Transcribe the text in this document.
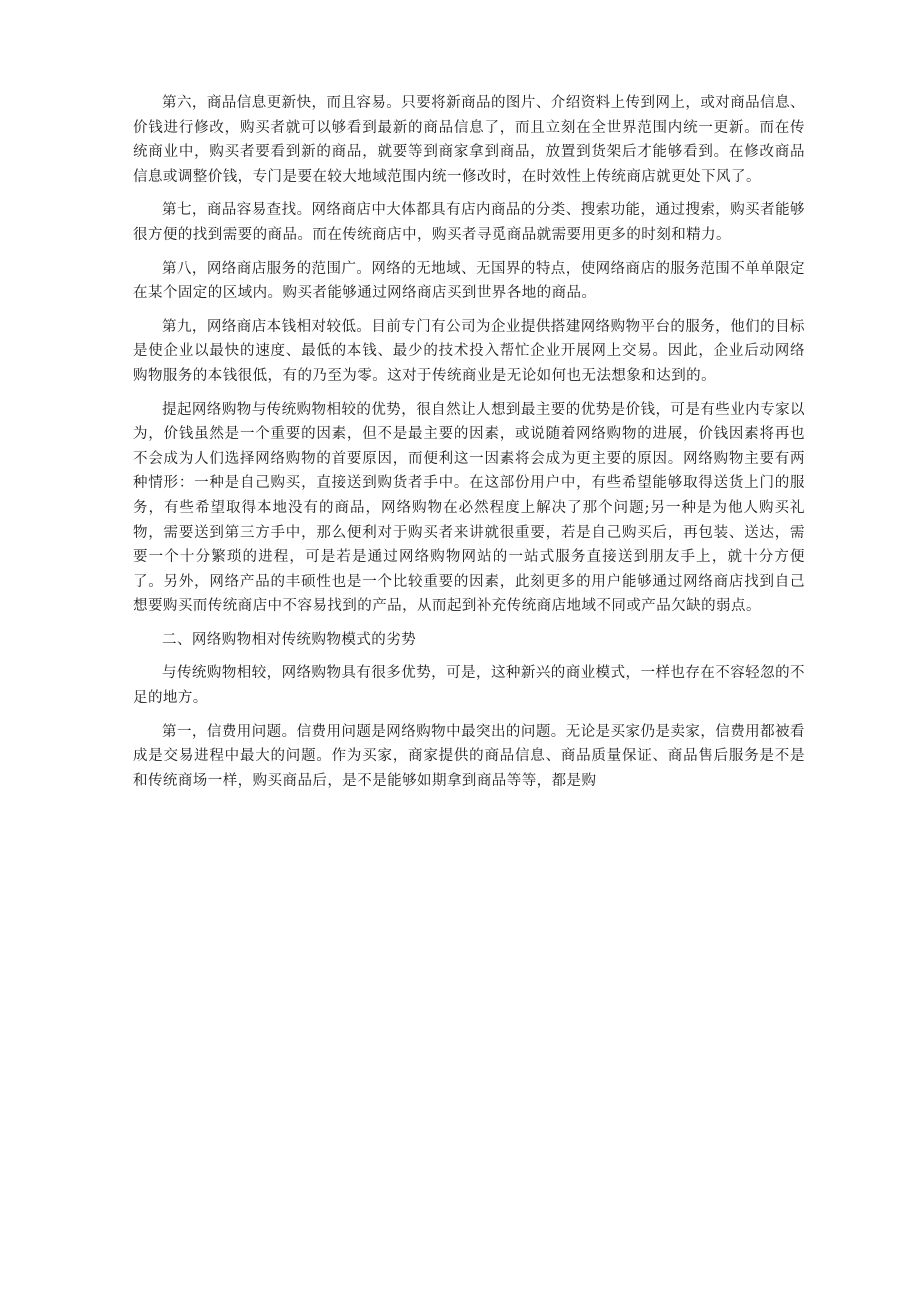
第六，商品信息更新快，而且容易。只要将新商品的图片、介绍资料上传到网上，或对商品信息、价钱进行修改，购买者就可以够看到最新的商品信息了，而且立刻在全世界范围内统一更新。而在传统商业中，购买者要看到新的商品，就要等到商家拿到商品，放置到货架后才能够看到。在修改商品信息或调整价钱，专门是要在较大地域范围内统一修改时，在时效性上传统商店就更处下风了。

第七，商品容易查找。网络商店中大体都具有店内商品的分类、搜索功能，通过搜索，购买者能够很方便的找到需要的商品。而在传统商店中，购买者寻觅商品就需要用更多的时刻和精力。

第八，网络商店服务的范围广。网络的无地域、无国界的特点，使网络商店的服务范围不单单限定在某个固定的区域内。购买者能够通过网络商店买到世界各地的商品。

第九，网络商店本钱相对较低。目前专门有公司为企业提供搭建网络购物平台的服务，他们的目标是使企业以最快的速度、最低的本钱、最少的技术投入帮忙企业开展网上交易。因此，企业后动网络购物服务的本钱很低，有的乃至为零。这对于传统商业是无论如何也无法想象和达到的。

提起网络购物与传统购物相较的优势，很自然让人想到最主要的优势是价钱，可是有些业内专家以为，价钱虽然是一个重要的因素，但不是最主要的因素，或说随着网络购物的进展，价钱因素将再也不会成为人们选择网络购物的首要原因，而便利这一因素将会成为更主要的原因。网络购物主要有两种情形：一种是自己购买，直接送到购货者手中。在这部份用户中，有些希望能够取得送货上门的服务，有些希望取得本地没有的商品，网络购物在必然程度上解决了那个问题;另一种是为他人购买礼物，需要送到第三方手中，那么便利对于购买者来讲就很重要，若是自己购买后，再包装、送达，需要一个十分繁琐的进程，可是若是通过网络购物网站的一站式服务直接送到朋友手上，就十分方便了。另外，网络产品的丰硕性也是一个比较重要的因素，此刻更多的用户能够通过网络商店找到自己想要购买而传统商店中不容易找到的产品，从而起到补充传统商店地域不同或产品欠缺的弱点。

二、网络购物相对传统购物模式的劣势

与传统购物相较，网络购物具有很多优势，可是，这种新兴的商业模式，一样也存在不容轻忽的不足的地方。

第一，信费用问题。信费用问题是网络购物中最突出的问题。无论是买家仍是卖家，信费用都被看成是交易进程中最大的问题。作为买家，商家提供的商品信息、商品质量保证、商品售后服务是不是和传统商场一样，购买商品后，是不是能够如期拿到商品等等，都是购
